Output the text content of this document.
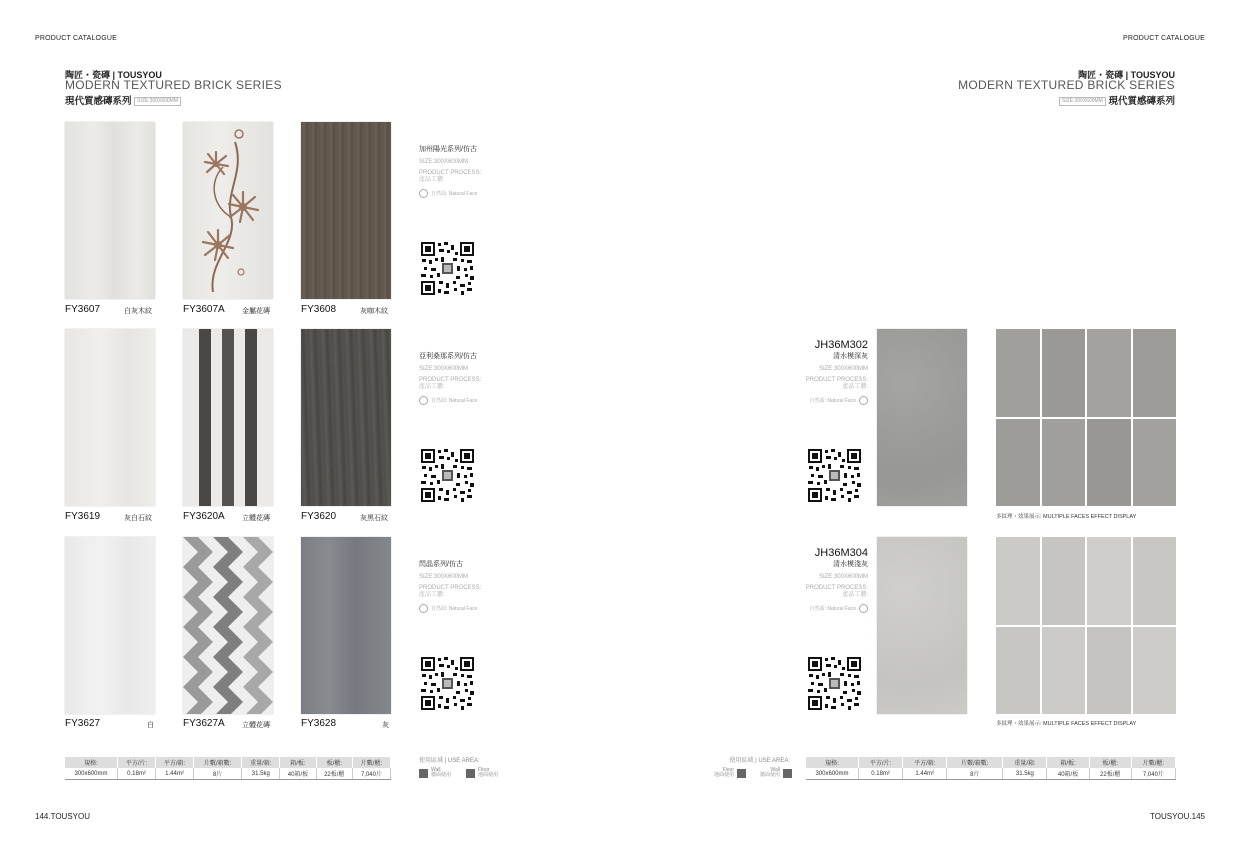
PRODUCT CATALOGUE
陶匠・瓷磚 | TOUSYOU
MODERN TEXTURED BRICK SERIES
現代質感磚系列 SIZE:300X600MM
FY3607	白灰木紋	FY3607A 金屬花磚	FY3608	灰咖木紋
FY3619	灰白石紋	FY3620A 立體花磚	FY3620	灰黑石紋
FY3627	白	FY3627A 立體花磚	FY3628	灰
加州陽光系列/仿古
SIZE:300X600MM
PRODUCT PROCESS:
產品工藝:
自然面: Natural Face
亞利桑那系列/仿古
SIZE:300X600MM
PRODUCT PROCESS:
產品工藝:
自然面: Natural Face
閃晶系列/仿古
SIZE:300X600MM
PRODUCT PROCESS:
產品工藝:
自然面: Natural Face
規格:	平方/片:	平方/箱:	片數/箱數:	重量/箱:	箱/板:	板/櫃:	片數/櫃:
300x600mm	0.18m²	1.44m²	8片	31.5kg	40箱/板	22板/櫃	7,040片
使用區域 | USE AREA:
Wall
牆面使用
Floor
地面使用
144.TOUSYOU
PRODUCT CATALOGUE
陶匠・瓷磚 | TOUSYOU
MODERN TEXTURED BRICK SERIES
SIZE:300X600MM 現代質感磚系列
JH36M302
清水模深灰
SIZE:300X600MM
PRODUCT PROCESS:
產品工藝:
自然面: Natural Face
多紋理・效果展示: MULTIPLE FACES EFFECT DISPLAY
JH36M304
清水模淺灰
SIZE:300X600MM
PRODUCT PROCESS:
產品工藝:
自然面: Natural Face
多紋理・效果展示: MULTIPLE FACES EFFECT DISPLAY
使用區域 | USE AREA:
Floor
地面使用
Wall
牆面使用
規格:	平方/片:	平方/箱:	片數/箱數:	重量/箱:	箱/板:	板/櫃:	片數/櫃:
300x600mm	0.18m²	1.44m²	8片	31.5kg	40箱/板	22板/櫃	7,040片
TOUSYOU.145
